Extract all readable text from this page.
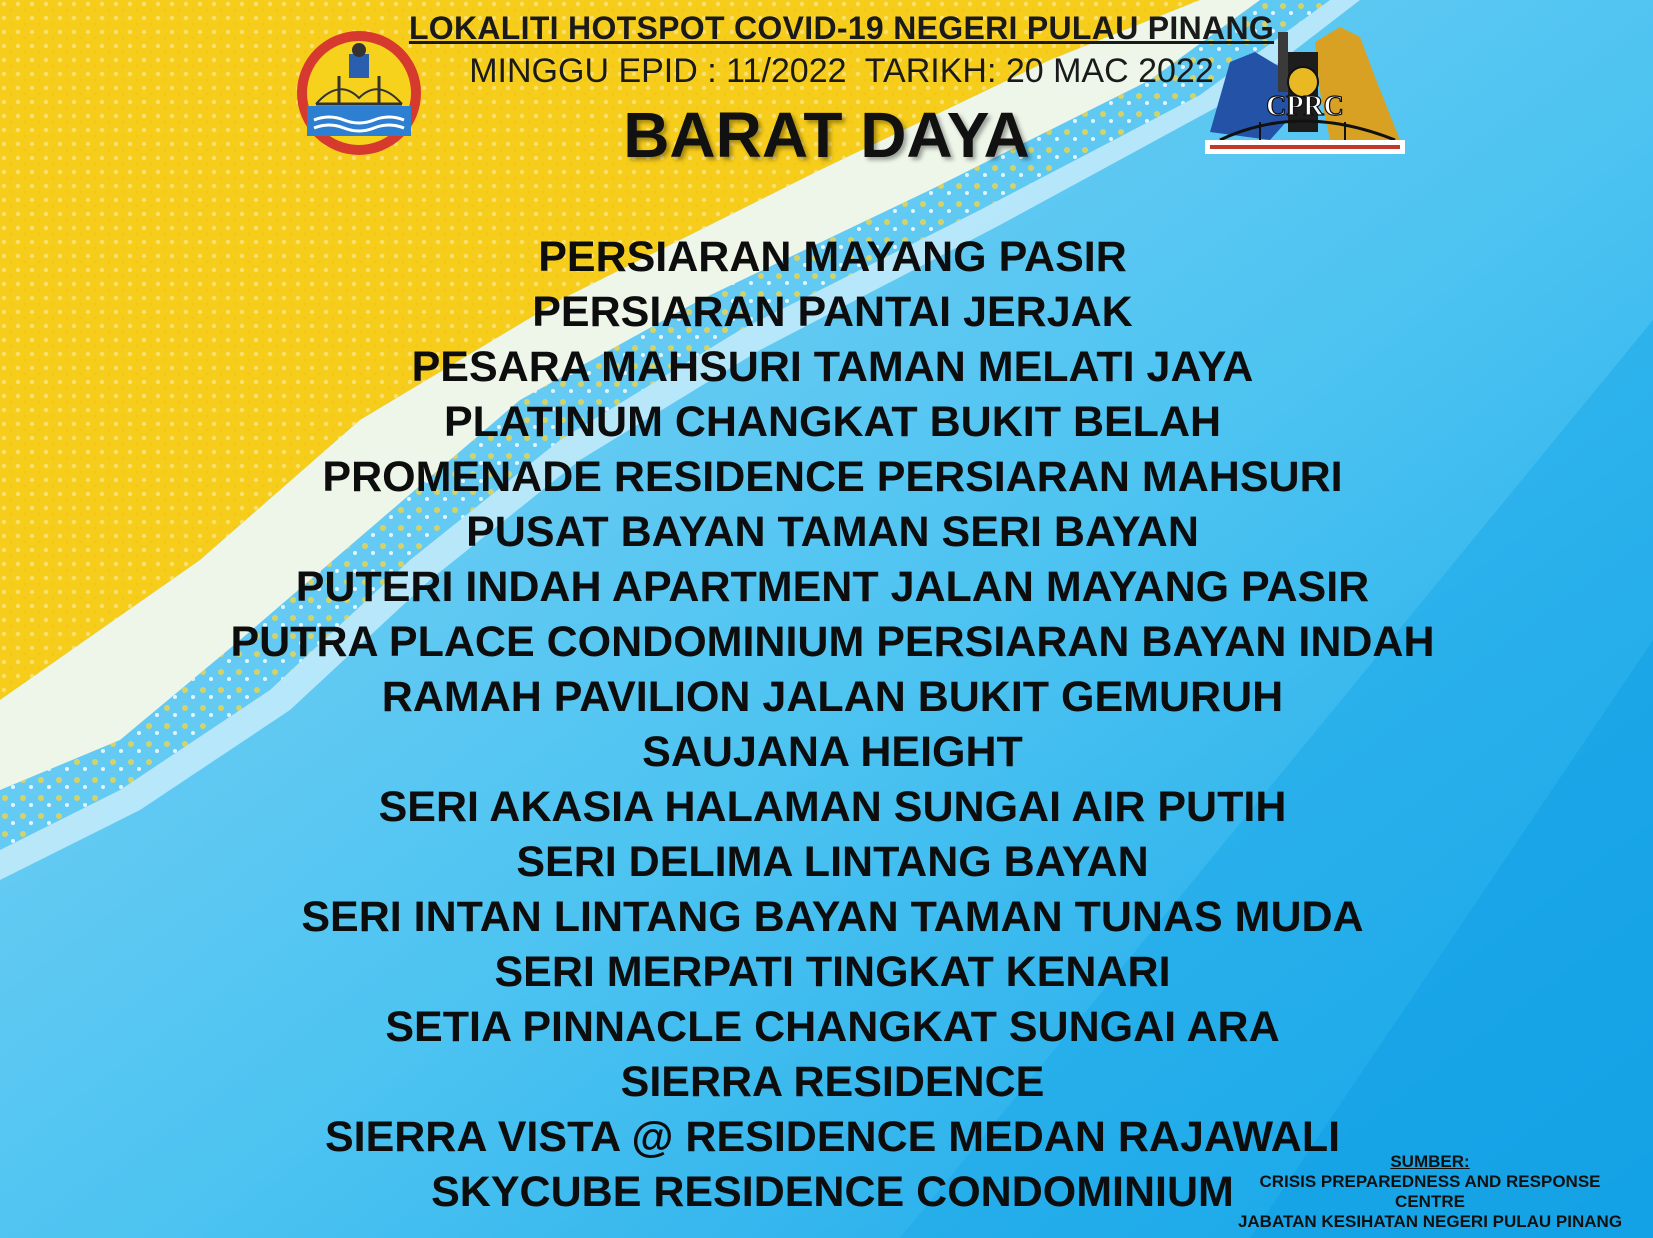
CPRC
LOKALITI HOTSPOT COVID-19 NEGERI PULAU PINANG
MINGGU EPID : 11/2022  TARIKH: 20 MAC 2022
BARAT DAYA
PERSIARAN MAYANG PASIR
PERSIARAN PANTAI JERJAK
PESARA MAHSURI TAMAN MELATI JAYA
PLATINUM CHANGKAT BUKIT BELAH
PROMENADE RESIDENCE PERSIARAN MAHSURI
PUSAT BAYAN TAMAN SERI BAYAN
PUTERI INDAH APARTMENT JALAN MAYANG PASIR
PUTRA PLACE CONDOMINIUM PERSIARAN BAYAN INDAH
RAMAH PAVILION JALAN BUKIT GEMURUH
SAUJANA HEIGHT
SERI AKASIA HALAMAN SUNGAI AIR PUTIH
SERI DELIMA LINTANG BAYAN
SERI INTAN LINTANG BAYAN TAMAN TUNAS MUDA
SERI MERPATI TINGKAT KENARI
SETIA PINNACLE CHANGKAT SUNGAI ARA
SIERRA RESIDENCE
SIERRA VISTA @ RESIDENCE MEDAN RAJAWALI
SKYCUBE RESIDENCE CONDOMINIUM
SUMBER:
CRISIS PREPAREDNESS AND RESPONSE
CENTRE
JABATAN KESIHATAN NEGERI PULAU PINANG
